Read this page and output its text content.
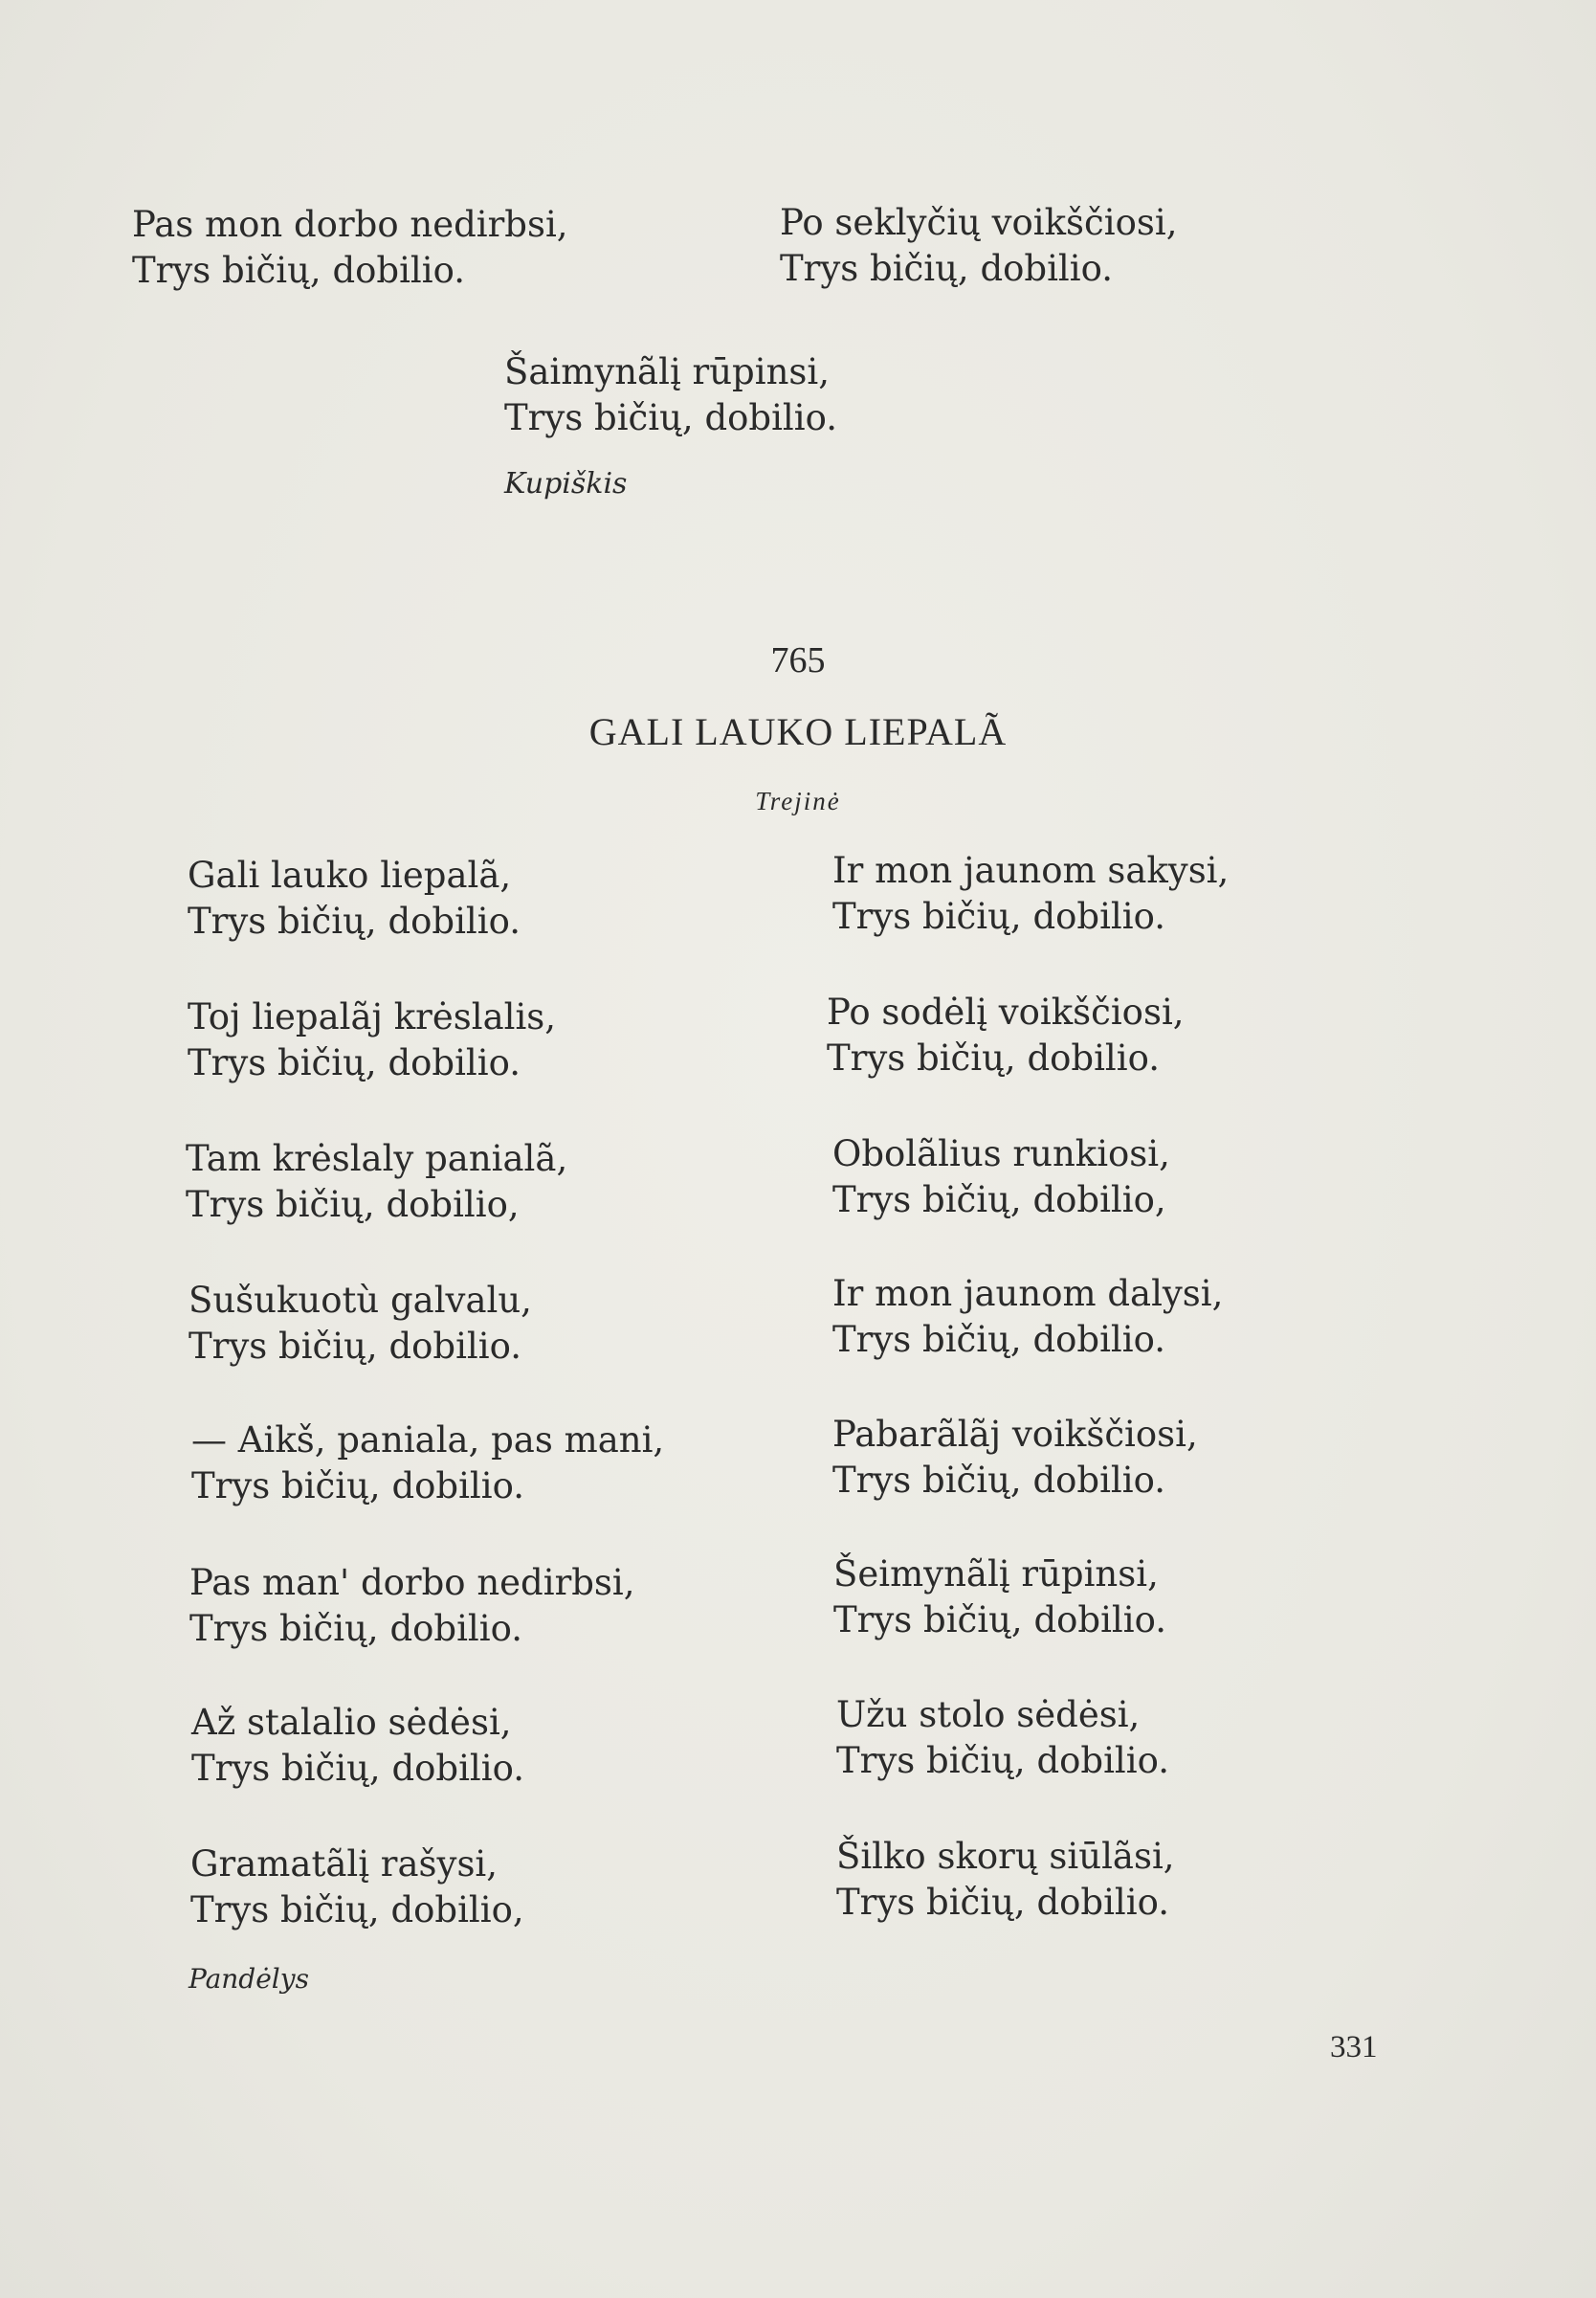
Pas mon dorbo nedirbsi,
Trys bičių, dobilio.
Po seklyčių voikščiosi,
Trys bičių, dobilio.
Šaimynãlį rūpinsi,
Trys bičių, dobilio.
Kupiškis
765
GALI LAUKO LIEPALÃ
Trejinė
Gali lauko liepalã,
Trys bičių, dobilio.
Toj liepalãj krėslalis,
Trys bičių, dobilio.
Tam krėslaly panialã,
Trys bičių, dobilio,
Sušukuotù galvalu,
Trys bičių, dobilio.
— Aikš, paniala, pas mani,
Trys bičių, dobilio.
Pas man' dorbo nedirbsi,
Trys bičių, dobilio.
Až stalalio sėdėsi,
Trys bičių, dobilio.
Gramatãlį rašysi,
Trys bičių, dobilio,
Ir mon jaunom sakysi,
Trys bičių, dobilio.
Po sodėlį voikščiosi,
Trys bičių, dobilio.
Obolãlius runkiosi,
Trys bičių, dobilio,
Ir mon jaunom dalysi,
Trys bičių, dobilio.
Pabarãlãj voikščiosi,
Trys bičių, dobilio.
Šeimynãlį rūpinsi,
Trys bičių, dobilio.
Užu stolo sėdėsi,
Trys bičių, dobilio.
Šilko skorų siūlãsi,
Trys bičių, dobilio.
Pandėlys
331
